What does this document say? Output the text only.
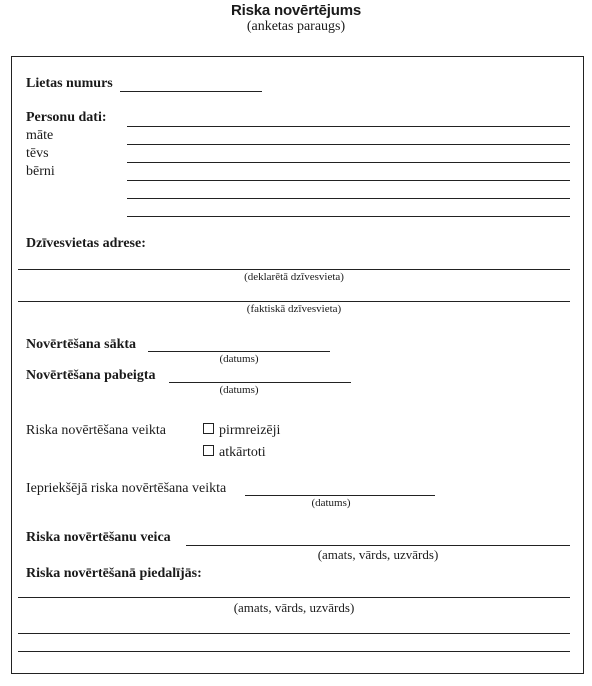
Riska novērtējums
(anketas paraugs)
Lietas numurs
Personu dati:
māte
tēvs
bērni
Dzīvesvietas adrese:
(deklarētā dzīvesvieta)
(faktiskā dzīvesvieta)
Novērtēšana sākta
(datums)
Novērtēšana pabeigta
(datums)
Riska novērtēšana veikta	pirmreizēji
atkārtoti
Iepriekšējā riska novērtēšana veikta
(datums)
Riska novērtēšanu veica
(amats, vārds, uzvārds)
Riska novērtēšanā piedalījās:
(amats, vārds, uzvārds)
